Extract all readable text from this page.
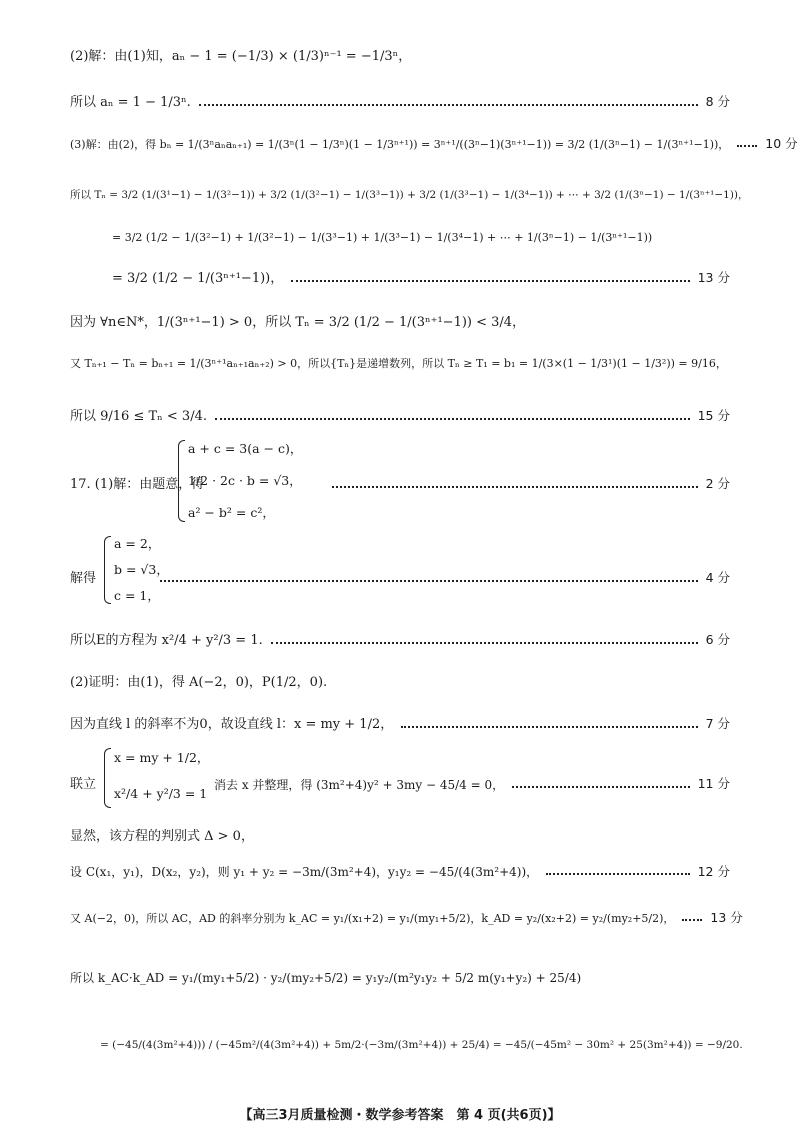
(2)解：由(1)知，aₙ − 1 = (−1/3) × (1/3)ⁿ⁻¹ = −1/3ⁿ，
所以 aₙ = 1 − 1/3ⁿ.	8 分
(3)解：由(2)，得 bₙ = 1/(3ⁿaₙaₙ₊₁) = 1/(3ⁿ(1 − 1/3ⁿ)(1 − 1/3ⁿ⁺¹)) = 3ⁿ⁺¹/((3ⁿ−1)(3ⁿ⁺¹−1)) = 3/2 (1/(3ⁿ−1) − 1/(3ⁿ⁺¹−1))，	10 分
所以 Tₙ = 3/2 (1/(3¹−1) − 1/(3²−1)) + 3/2 (1/(3²−1) − 1/(3³−1)) + 3/2 (1/(3³−1) − 1/(3⁴−1)) + ⋯ + 3/2 (1/(3ⁿ−1) − 1/(3ⁿ⁺¹−1))，
= 3/2 (1/2 − 1/(3²−1) + 1/(3²−1) − 1/(3³−1) + 1/(3³−1) − 1/(3⁴−1) + ⋯ + 1/(3ⁿ−1) − 1/(3ⁿ⁺¹−1))
= 3/2 (1/2 − 1/(3ⁿ⁺¹−1))，	13 分
因为 ∀n∈N*，1/(3ⁿ⁺¹−1) > 0，所以 Tₙ = 3/2 (1/2 − 1/(3ⁿ⁺¹−1)) < 3/4，
又 Tₙ₊₁ − Tₙ = bₙ₊₁ = 1/(3ⁿ⁺¹aₙ₊₁aₙ₊₂) > 0，所以{Tₙ}是递增数列，所以 Tₙ ≥ T₁ = b₁ = 1/(3×(1 − 1/3¹)(1 − 1/3²)) = 9/16，
所以 9/16 ≤ Tₙ < 3/4.	15 分
17. (1)解：由题意，得	2 分
a + c = 3(a − c)，
1/2 · 2c · b = √3，
a² − b² = c²，
解得	4 分
a = 2，
b = √3，
c = 1，
所以E的方程为 x²/4 + y²/3 = 1.	6 分
(2)证明：由(1)，得 A(−2，0)，P(1/2，0).
因为直线 l 的斜率不为0，故设直线 l：x = my + 1/2，	7 分
联立	消去 x 并整理，得 (3m²+4)y² + 3my − 45/4 = 0，	11 分
x = my + 1/2，
x²/4 + y²/3 = 1
显然，该方程的判别式 Δ > 0，
设 C(x₁，y₁)，D(x₂，y₂)，则 y₁ + y₂ = −3m/(3m²+4)，y₁y₂ = −45/(4(3m²+4))，	12 分
又 A(−2，0)，所以 AC，AD 的斜率分别为 k_AC = y₁/(x₁+2) = y₁/(my₁+5/2)，k_AD = y₂/(x₂+2) = y₂/(my₂+5/2)，	13 分
所以 k_AC·k_AD = y₁/(my₁+5/2) · y₂/(my₂+5/2) = y₁y₂/(m²y₁y₂ + 5/2 m(y₁+y₂) + 25/4)
= (−45/(4(3m²+4))) / (−45m²/(4(3m²+4)) + 5m/2·(−3m/(3m²+4)) + 25/4) = −45/(−45m² − 30m² + 25(3m²+4)) = −9/20.
【高三3月质量检测・数学参考答案　第 4 页(共6页)】
